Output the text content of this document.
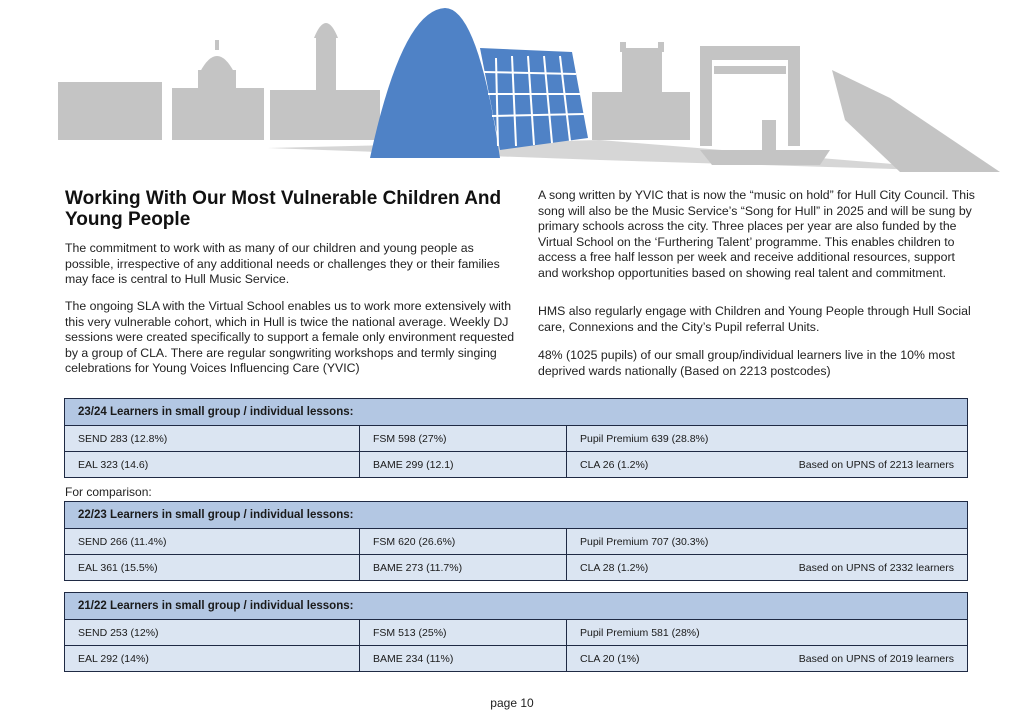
Working With Our Most Vulnerable Children And Young People

The commitment to work with as many of our children and young people as possible, irrespective of any additional needs or challenges they or their families may face is central to Hull Music Service.

The ongoing SLA with the Virtual School enables us to work more extensively with this very vulnerable cohort, which in Hull is twice the national average. Weekly DJ sessions were created specifically to support a female only environment requested by a group of CLA. There are regular songwriting workshops and termly singing celebrations for Young Voices Influencing Care (YVIC)

A song written by YVIC that is now the “music on hold” for Hull City Council. This song will also be the Music Service’s “Song for Hull” in 2025 and will be sung by primary schools across the city. Three places per year are also funded by the Virtual School on the ‘Furthering Talent’ programme. This enables children to access a free half lesson per week and receive additional resources, support and workshop opportunities based on showing real talent and commitment.

HMS also regularly engage with Children and Young People through Hull Social care, Connexions and the City’s Pupil referral Units.

48% (1025 pupils) of our small group/individual learners live in the 10% most deprived wards nationally (Based on 2213 postcodes)

23/24 Learners in small group / individual lessons:		
SEND 283 (12.8%)	FSM 598 (27%)	Pupil Premium 639 (28.8%)
EAL 323 (14.6)	BAME 299 (12.1)	CLA 26 (1.2%) Based on UPNS of 2213 learners
For comparison:
22/23 Learners in small group / individual lessons:		
SEND 266 (11.4%)	FSM 620 (26.6%)	Pupil Premium 707 (30.3%)
EAL 361 (15.5%)	BAME 273 (11.7%)	CLA 28 (1.2%) Based on UPNS of 2332 learners
21/22 Learners in small group / individual lessons:		
SEND 253 (12%)	FSM 513 (25%)	Pupil Premium 581 (28%)
EAL 292 (14%)	BAME 234 (11%)	CLA 20 (1%) Based on UPNS of 2019 learners
page 10
